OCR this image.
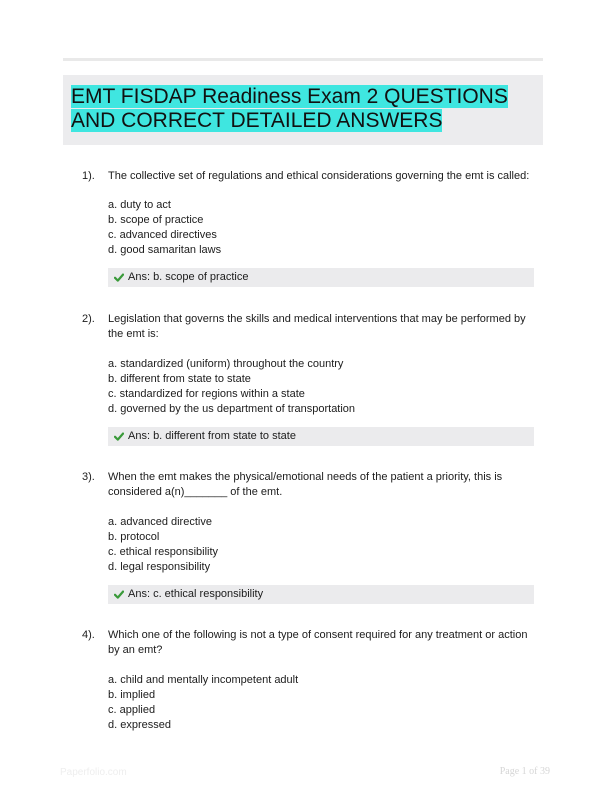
EMT FISDAP Readiness Exam 2 QUESTIONS AND CORRECT DETAILED ANSWERS
1). The collective set of regulations and ethical considerations governing the emt is called:
a. duty to act
b. scope of practice
c. advanced directives
d. good samaritan laws
Ans: b. scope of practice
2). Legislation that governs the skills and medical interventions that may be performed by the emt is:
a. standardized (uniform) throughout the country
b. different from state to state
c. standardized for regions within a state
d. governed by the us department of transportation
Ans: b. different from state to state
3). When the emt makes the physical/emotional needs of the patient a priority, this is considered a(n)_______ of the emt.
a. advanced directive
b. protocol
c. ethical responsibility
d. legal responsibility
Ans: c. ethical responsibility
4). Which one of the following is not a type of consent required for any treatment or action by an emt?
a. child and mentally incompetent adult
b. implied
c. applied
d. expressed
Paperfolio.com	Page 1 of 39
